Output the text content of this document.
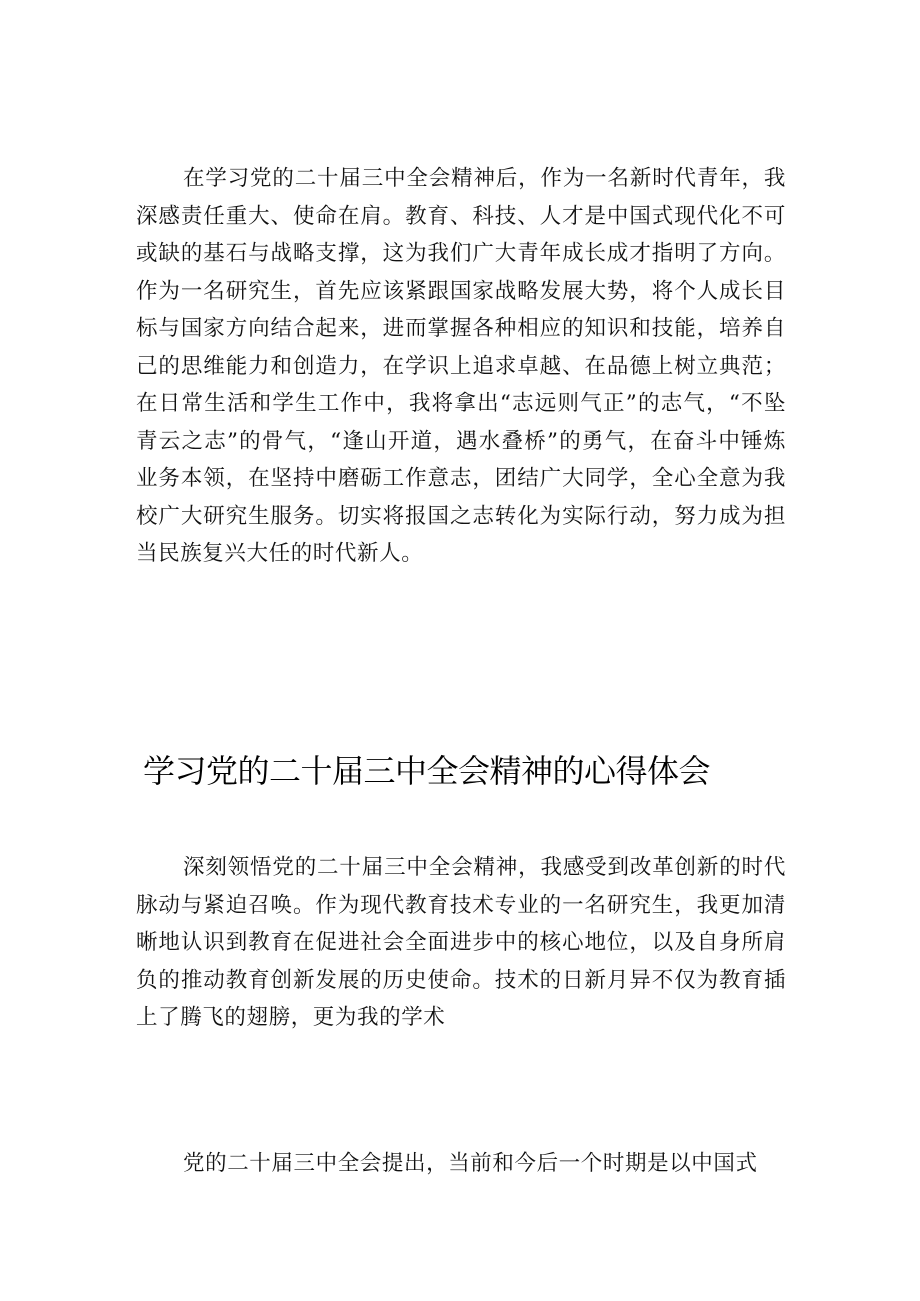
在学习党的二十届三中全会精神后，作为一名新时代青年，我深感责任重大、使命在肩。教育、科技、人才是中国式现代化不可或缺的基石与战略支撑，这为我们广大青年成长成才指明了方向。作为一名研究生，首先应该紧跟国家战略发展大势，将个人成长目标与国家方向结合起来，进而掌握各种相应的知识和技能，培养自己的思维能力和创造力，在学识上追求卓越、在品德上树立典范；在日常生活和学生工作中，我将拿出“志远则气正”的志气，“不坠青云之志”的骨气，“逢山开道，遇水叠桥”的勇气，在奋斗中锤炼业务本领，在坚持中磨砺工作意志，团结广大同学，全心全意为我校广大研究生服务。切实将报国之志转化为实际行动，努力成为担当民族复兴大任的时代新人。

学习党的二十届三中全会精神的心得体会

深刻领悟党的二十届三中全会精神，我感受到改革创新的时代脉动与紧迫召唤。作为现代教育技术专业的一名研究生，我更加清晰地认识到教育在促进社会全面进步中的核心地位，以及自身所肩负的推动教育创新发展的历史使命。技术的日新月异不仅为教育插上了腾飞的翅膀，更为我的学术

党的二十届三中全会提出，当前和今后一个时期是以中国式
